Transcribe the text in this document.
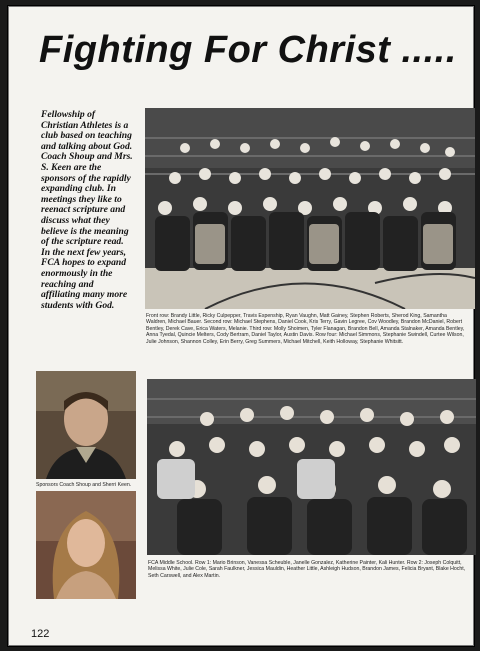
Fighting For Christ .....
Fellowship of Christian Athletes is a club based on teaching and talking about God. Coach Shoup and Mrs. S. Keen are the sponsors of the rapidly expanding club. In meetings they like to reenact scripture and discuss what they believe is the meaning of the scripture read. In the next few years, FCA hopes to expand enormously in the reaching and affiliating many more students with God.
Front row: Brandy Little, Ricky Culpepper, Travis Espenship, Ryan Vaughn, Matt Gainey, Stephen Roberts, Sherod King, Samantha Waldren, Michael Bauer. Second row: Michael Stephens, Daniel Cook, Kris Terry, Gavin Legree, Cov Woodley, Brandon McDaniel, Robert Bentley, Derek Cave, Erica Waters, Melanie. Third row: Molly Shoimen, Tyler Flanagan, Brandon Bell, Amanda Stalnaker, Amanda Bentley, Anna Tyedal, Quincie Melters, Cody Bertram, Daniel Taylor, Austin Davis. Row four: Michael Simmons, Stephanie Swindell, Curtee Wilson, Julie Johnson, Shannon Colley, Erin Berry, Greg Summers, Michael Mitchell, Keith Holloway, Stephanie Whitsitt.
Sponsors Coach Shoup and Sherri Keen.
FCA Middle School. Row 1: Mario Brinson, Vanessa Scheuble, Janelle Gonzalez, Katherine Painter, Kali Hunter. Row 2: Joseph Colquitt, Melissa White, Julie Cole, Sarah Faulkner, Jessica Mauldin, Heather Little, Ashleigh Hudson, Brandon James, Felicia Bryant, Blake Hocht, Seth Carswell, and Alex Martin.
122
